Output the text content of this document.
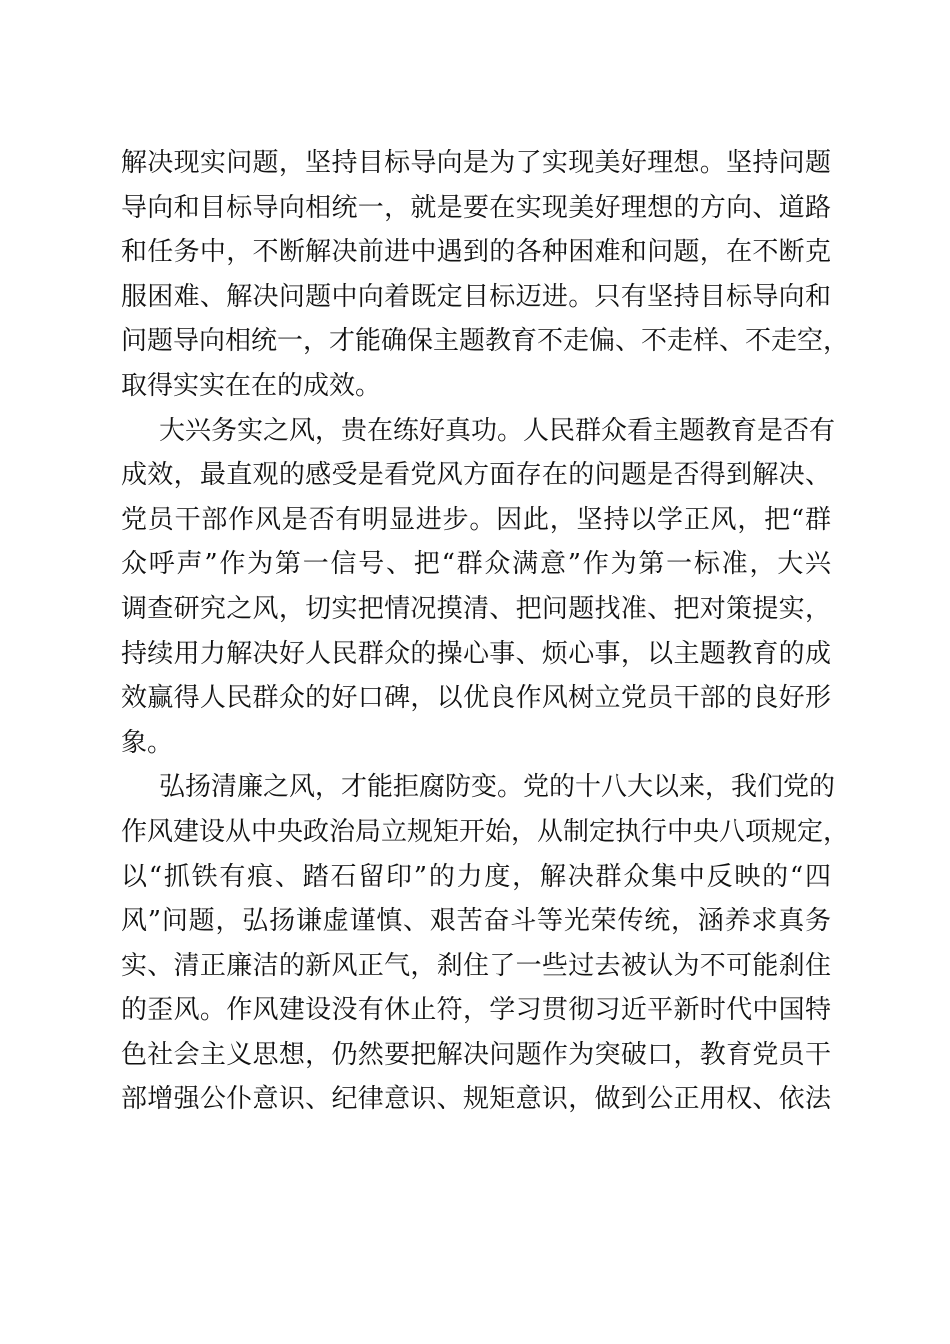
解决现实问题，坚持目标导向是为了实现美好理想。坚持问题
导向和目标导向相统一，就是要在实现美好理想的方向、道路
和任务中，不断解决前进中遇到的各种困难和问题，在不断克
服困难、解决问题中向着既定目标迈进。只有坚持目标导向和
问题导向相统一，才能确保主题教育不走偏、不走样、不走空，
取得实实在在的成效。
大兴务实之风，贵在练好真功。人民群众看主题教育是否有
成效，最直观的感受是看党风方面存在的问题是否得到解决、
党员干部作风是否有明显进步。因此，坚持以学正风，把“群
众呼声”作为第一信号、把“群众满意”作为第一标准，大兴
调查研究之风，切实把情况摸清、把问题找准、把对策提实，
持续用力解决好人民群众的操心事、烦心事，以主题教育的成
效赢得人民群众的好口碑，以优良作风树立党员干部的良好形
象。
弘扬清廉之风，才能拒腐防变。党的十八大以来，我们党的
作风建设从中央政治局立规矩开始，从制定执行中央八项规定，
以“抓铁有痕、踏石留印”的力度，解决群众集中反映的“四
风”问题，弘扬谦虚谨慎、艰苦奋斗等光荣传统，涵养求真务
实、清正廉洁的新风正气，刹住了一些过去被认为不可能刹住
的歪风。作风建设没有休止符，学习贯彻习近平新时代中国特
色社会主义思想，仍然要把解决问题作为突破口，教育党员干
部增强公仆意识、纪律意识、规矩意识，做到公正用权、依法
